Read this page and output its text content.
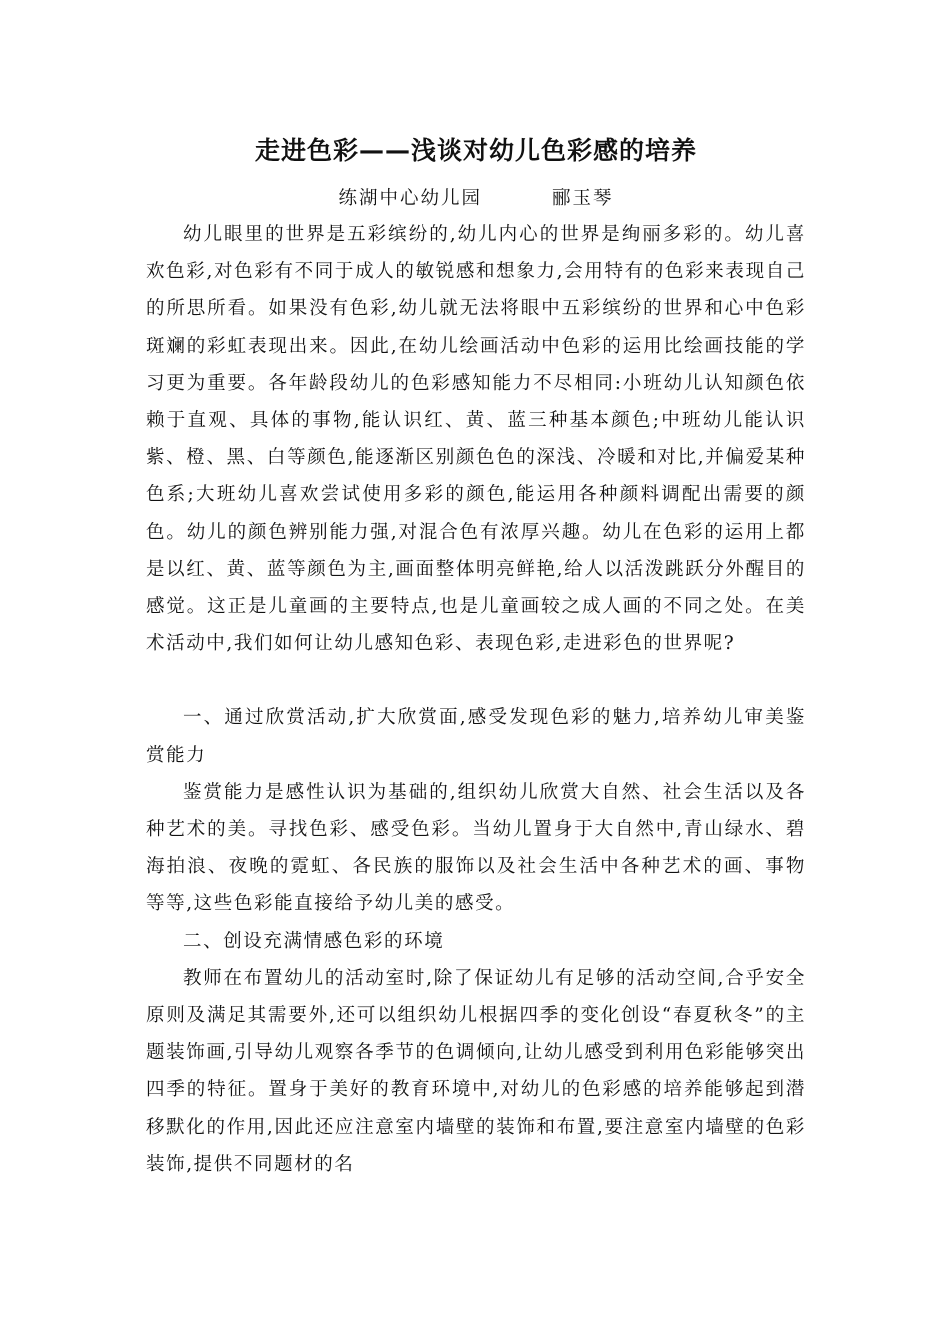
走进色彩——浅谈对幼儿色彩感的培养
练湖中心幼儿园	郦玉琴

幼儿眼里的世界是五彩缤纷的,幼儿内心的世界是绚丽多彩的。幼儿喜欢色彩,对色彩有不同于成人的敏锐感和想象力,会用特有的色彩来表现自己的所思所看。如果没有色彩,幼儿就无法将眼中五彩缤纷的世界和心中色彩斑斓的彩虹表现出来。因此,在幼儿绘画活动中色彩的运用比绘画技能的学习更为重要。各年龄段幼儿的色彩感知能力不尽相同:小班幼儿认知颜色依赖于直观、具体的事物,能认识红、黄、蓝三种基本颜色;中班幼儿能认识紫、橙、黑、白等颜色,能逐渐区别颜色色的深浅、冷暖和对比,并偏爱某种色系;大班幼儿喜欢尝试使用多彩的颜色,能运用各种颜料调配出需要的颜色。幼儿的颜色辨别能力强,对混合色有浓厚兴趣。幼儿在色彩的运用上都是以红、黄、蓝等颜色为主,画面整体明亮鲜艳,给人以活泼跳跃分外醒目的感觉。这正是儿童画的主要特点,也是儿童画较之成人画的不同之处。在美术活动中,我们如何让幼儿感知色彩、表现色彩,走进彩色的世界呢?

一、通过欣赏活动,扩大欣赏面,感受发现色彩的魅力,培养幼儿审美鉴赏能力

鉴赏能力是感性认识为基础的,组织幼儿欣赏大自然、社会生活以及各种艺术的美。寻找色彩、感受色彩。当幼儿置身于大自然中,青山绿水、碧海拍浪、夜晚的霓虹、各民族的服饰以及社会生活中各种艺术的画、事物等等,这些色彩能直接给予幼儿美的感受。

二、创设充满情感色彩的环境

教师在布置幼儿的活动室时,除了保证幼儿有足够的活动空间,合乎安全原则及满足其需要外,还可以组织幼儿根据四季的变化创设“春夏秋冬”的主题装饰画,引导幼儿观察各季节的色调倾向,让幼儿感受到利用色彩能够突出四季的特征。置身于美好的教育环境中,对幼儿的色彩感的培养能够起到潜移默化的作用,因此还应注意室内墙壁的装饰和布置,要注意室内墙壁的色彩装饰,提供不同题材的名
